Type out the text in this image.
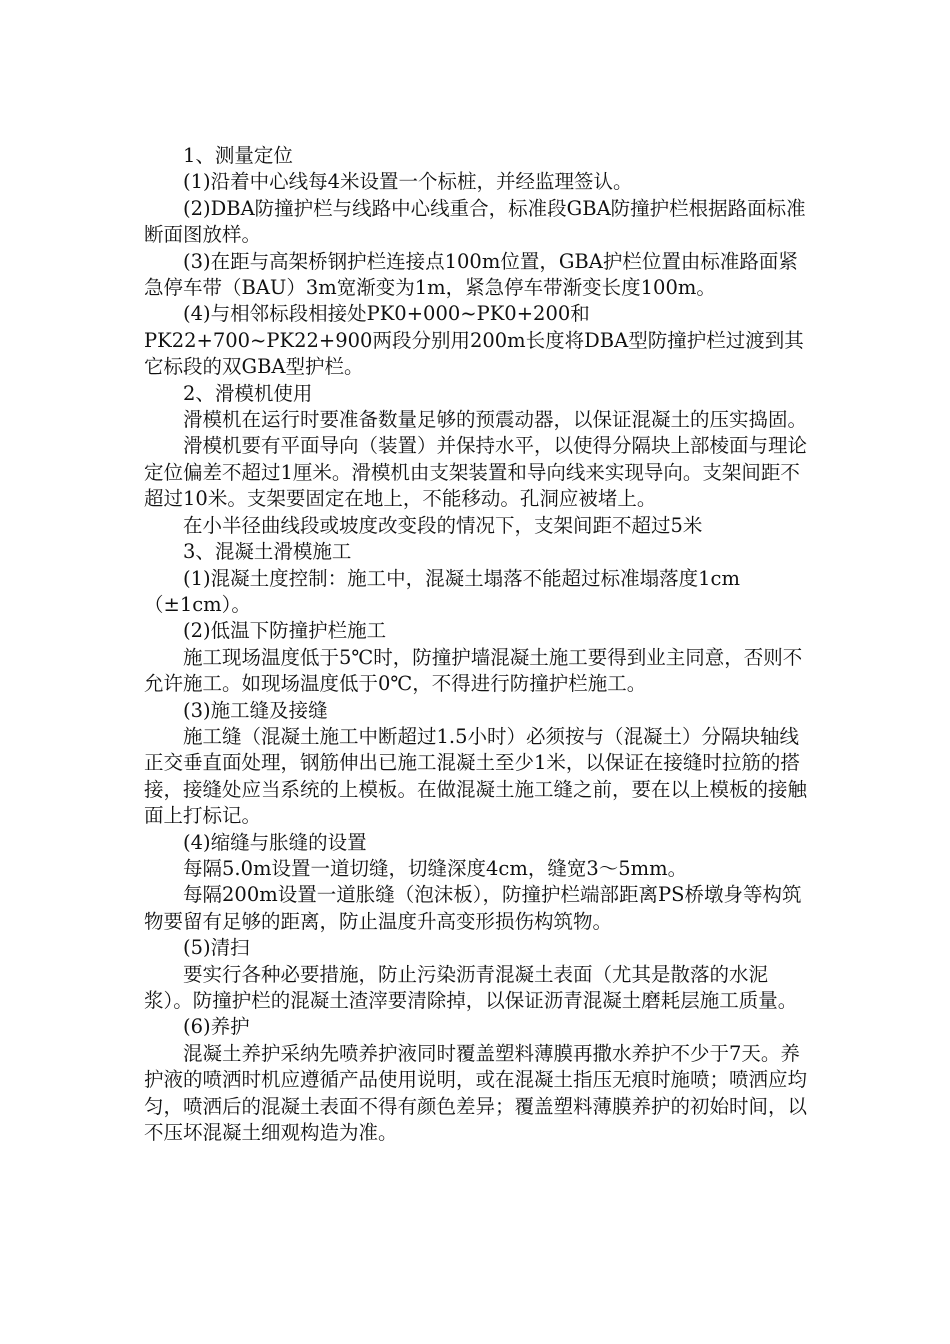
1、测量定位

(1)沿着中心线每4米设置一个标桩，并经监理签认。

(2)DBA防撞护栏与线路中心线重合，标准段GBA防撞护栏根据路面标准断面图放样。

(3)在距与高架桥钢护栏连接点100m位置，GBA护栏位置由标准路面紧急停车带（BAU）3m宽渐变为1m，紧急停车带渐变长度100m。

(4)与相邻标段相接处PK0+000~PK0+200和PK22+700~PK22+900两段分别用200m长度将DBA型防撞护栏过渡到其它标段的双GBA型护栏。

2、滑模机使用

滑模机在运行时要准备数量足够的预震动器，以保证混凝土的压实捣固。

滑模机要有平面导向（装置）并保持水平，以使得分隔块上部棱面与理论定位偏差不超过1厘米。滑模机由支架装置和导向线来实现导向。支架间距不超过10米。支架要固定在地上，不能移动。孔洞应被堵上。

在小半径曲线段或坡度改变段的情况下，支架间距不超过5米

3、混凝土滑模施工

(1)混凝土度控制：施工中，混凝土塌落不能超过标准塌落度1cm（±1cm）。

(2)低温下防撞护栏施工

施工现场温度低于5℃时，防撞护墙混凝土施工要得到业主同意，否则不允许施工。如现场温度低于0℃，不得进行防撞护栏施工。

(3)施工缝及接缝

施工缝（混凝土施工中断超过1.5小时）必须按与（混凝土）分隔块轴线正交垂直面处理，钢筋伸出已施工混凝土至少1米，以保证在接缝时拉筋的搭接，接缝处应当系统的上模板。在做混凝土施工缝之前，要在以上模板的接触面上打标记。

(4)缩缝与胀缝的设置

每隔5.0m设置一道切缝，切缝深度4cm，缝宽3～5mm。

每隔200m设置一道胀缝（泡沫板），防撞护栏端部距离PS桥墩身等构筑物要留有足够的距离，防止温度升高变形损伤构筑物。

(5)清扫

要实行各种必要措施，防止污染沥青混凝土表面（尤其是散落的水泥浆）。防撞护栏的混凝土渣滓要清除掉，以保证沥青混凝土磨耗层施工质量。

(6)养护

混凝土养护采纳先喷养护液同时覆盖塑料薄膜再撒水养护不少于7天。养护液的喷洒时机应遵循产品使用说明，或在混凝土指压无痕时施喷；喷洒应均匀，喷洒后的混凝土表面不得有颜色差异；覆盖塑料薄膜养护的初始时间，以不压坏混凝土细观构造为准。
